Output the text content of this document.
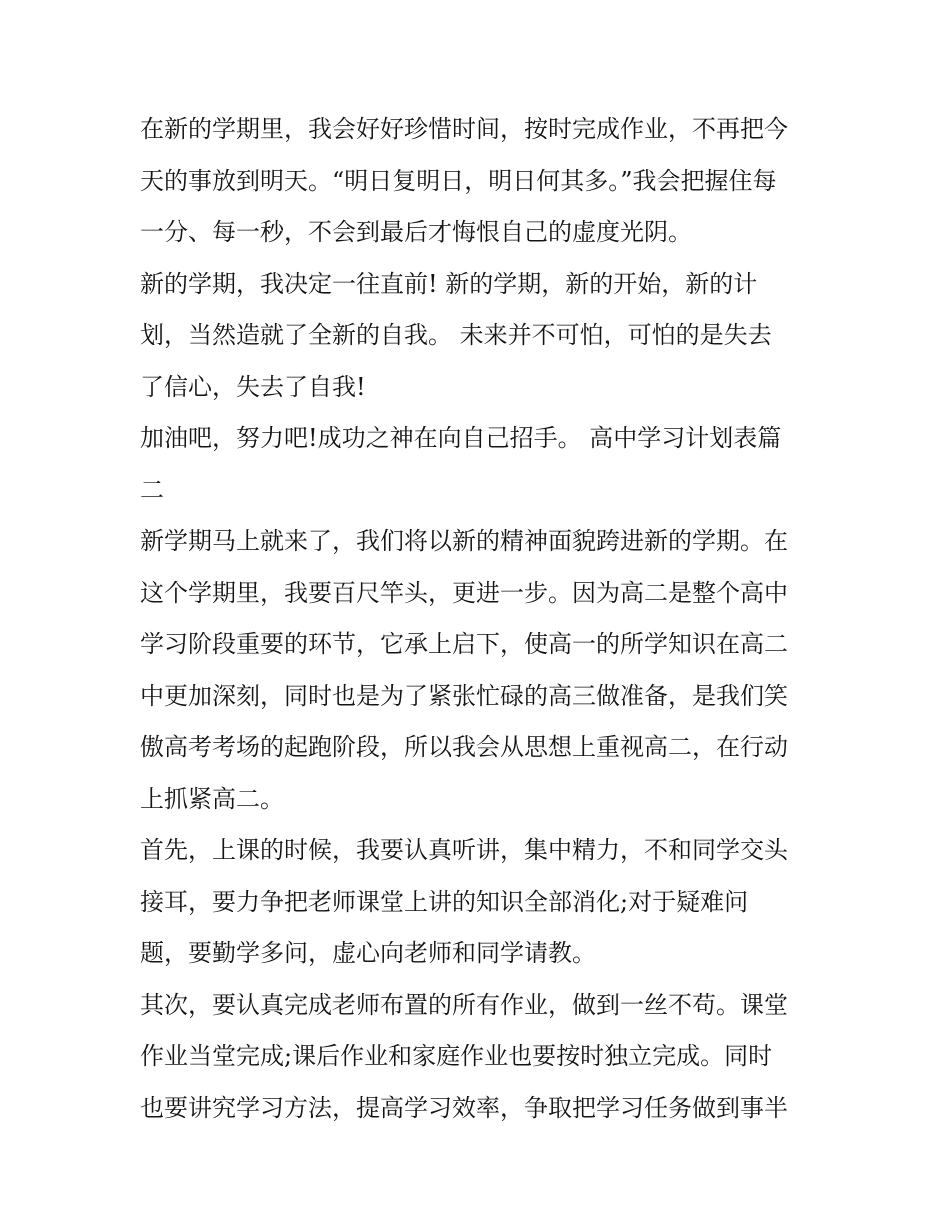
在新的学期里，我会好好珍惜时间，按时完成作业，不再把今
天的事放到明天。“明日复明日，明日何其多。”我会把握住每
一分、每一秒，不会到最后才悔恨自己的虚度光阴。
新的学期，我决定一往直前! 新的学期，新的开始，新的计
划，当然造就了全新的自我。 未来并不可怕，可怕的是失去
了信心，失去了自我!
加油吧，努力吧!成功之神在向自己招手。 高中学习计划表篇
二
新学期马上就来了，我们将以新的精神面貌跨进新的学期。在
这个学期里，我要百尺竿头，更进一步。因为高二是整个高中
学习阶段重要的环节，它承上启下，使高一的所学知识在高二
中更加深刻，同时也是为了紧张忙碌的高三做准备，是我们笑
傲高考考场的起跑阶段，所以我会从思想上重视高二，在行动
上抓紧高二。
首先，上课的时候，我要认真听讲，集中精力，不和同学交头
接耳，要力争把老师课堂上讲的知识全部消化;对于疑难问
题，要勤学多问，虚心向老师和同学请教。
其次，要认真完成老师布置的所有作业，做到一丝不苟。课堂
作业当堂完成;课后作业和家庭作业也要按时独立完成。同时
也要讲究学习方法，提高学习效率，争取把学习任务做到事半
